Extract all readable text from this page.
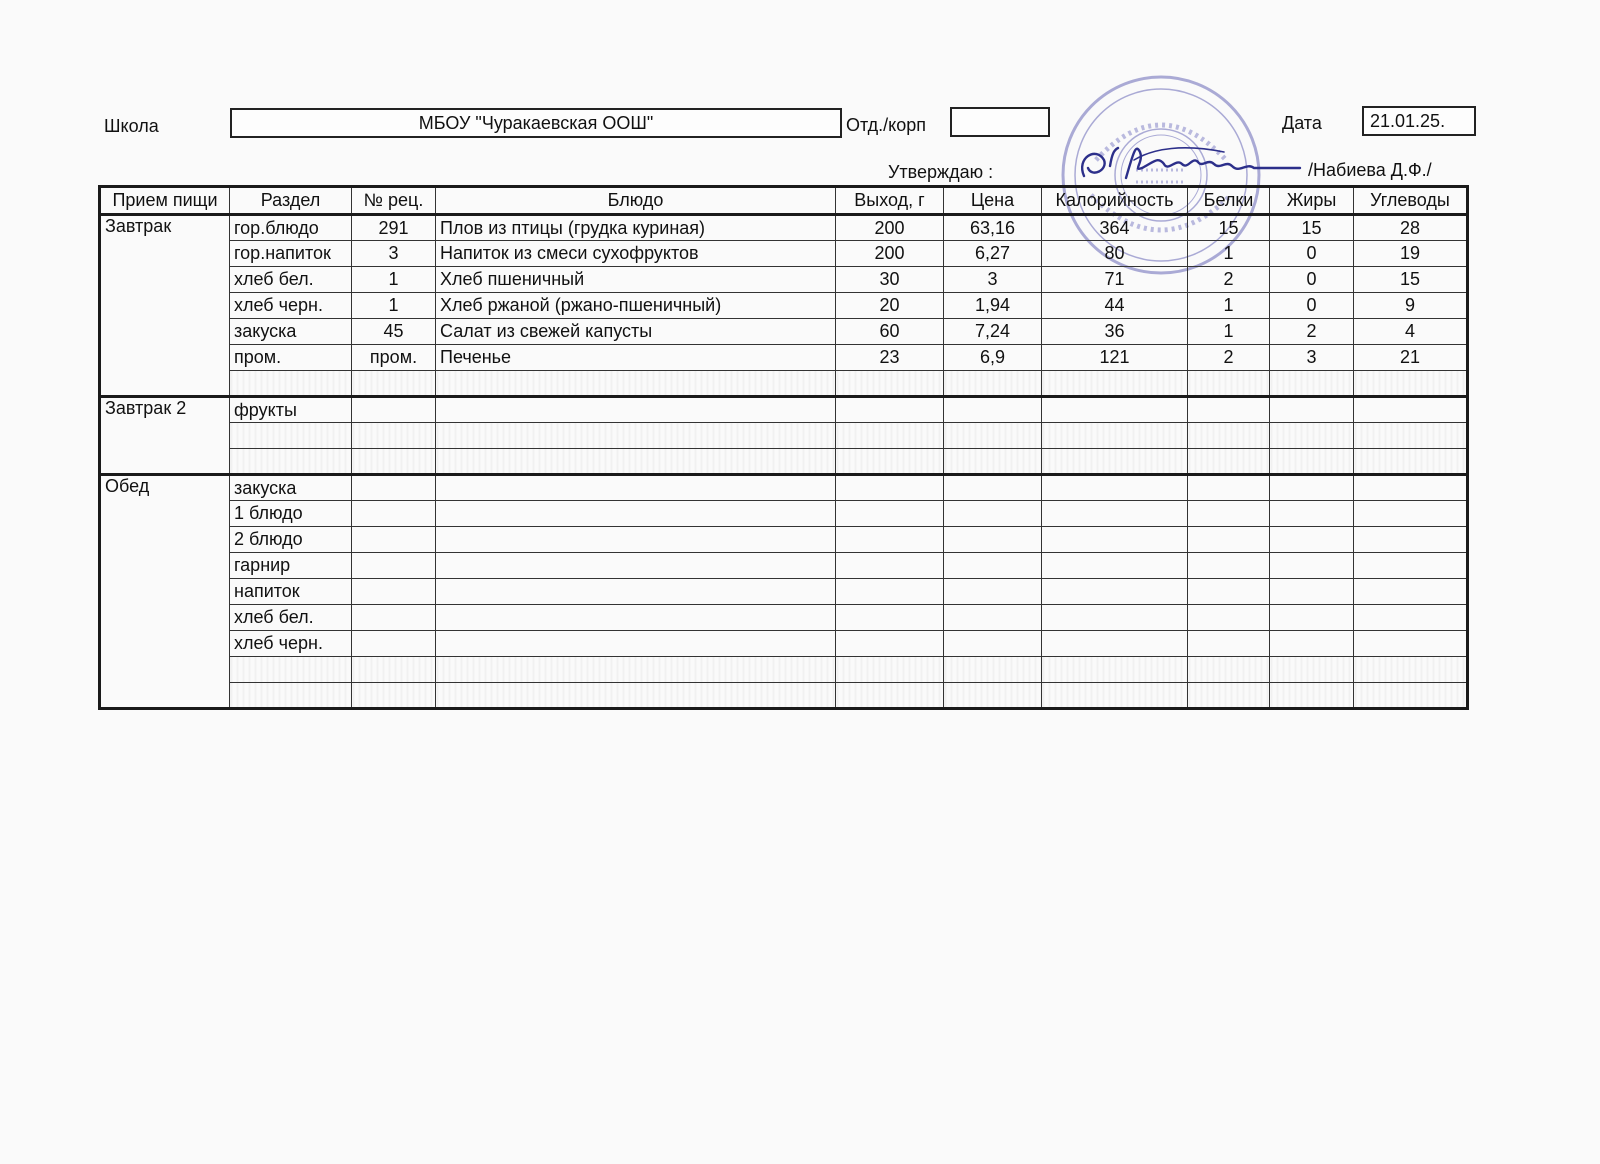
Школа	МБОУ "Чуракаевская ООШ"	Отд./корп	Дата	21.01.25.
Утверждаю :	/Набиева Д.Ф./
Прием пищи	Раздел	№ рец.	Блюдо	Выход, г	Цена	Калорийность	Белки	Жиры	Углеводы
Завтрак	гор.блюдо	291	Плов из птицы (грудка куриная)	200	63,16	364	15	15	28
	гор.напиток	3	Напиток из смеси сухофруктов	200	6,27	80	1	0	19
	хлеб бел.	1	Хлеб пшеничный	30	3	71	2	0	15
	хлеб черн.	1	Хлеб ржаной (ржано-пшеничный)	20	1,94	44	1	0	9
	закуска	45	Салат из свежей капусты	60	7,24	36	1	2	4
	пром.	пром.	Печенье	23	6,9	121	2	3	21

Завтрак 2	фрукты								

Обед	закуска								
	1 блюдо								
	2 блюдо								
	гарнир								
	напиток								
	хлеб бел.								
	хлеб черн.								
